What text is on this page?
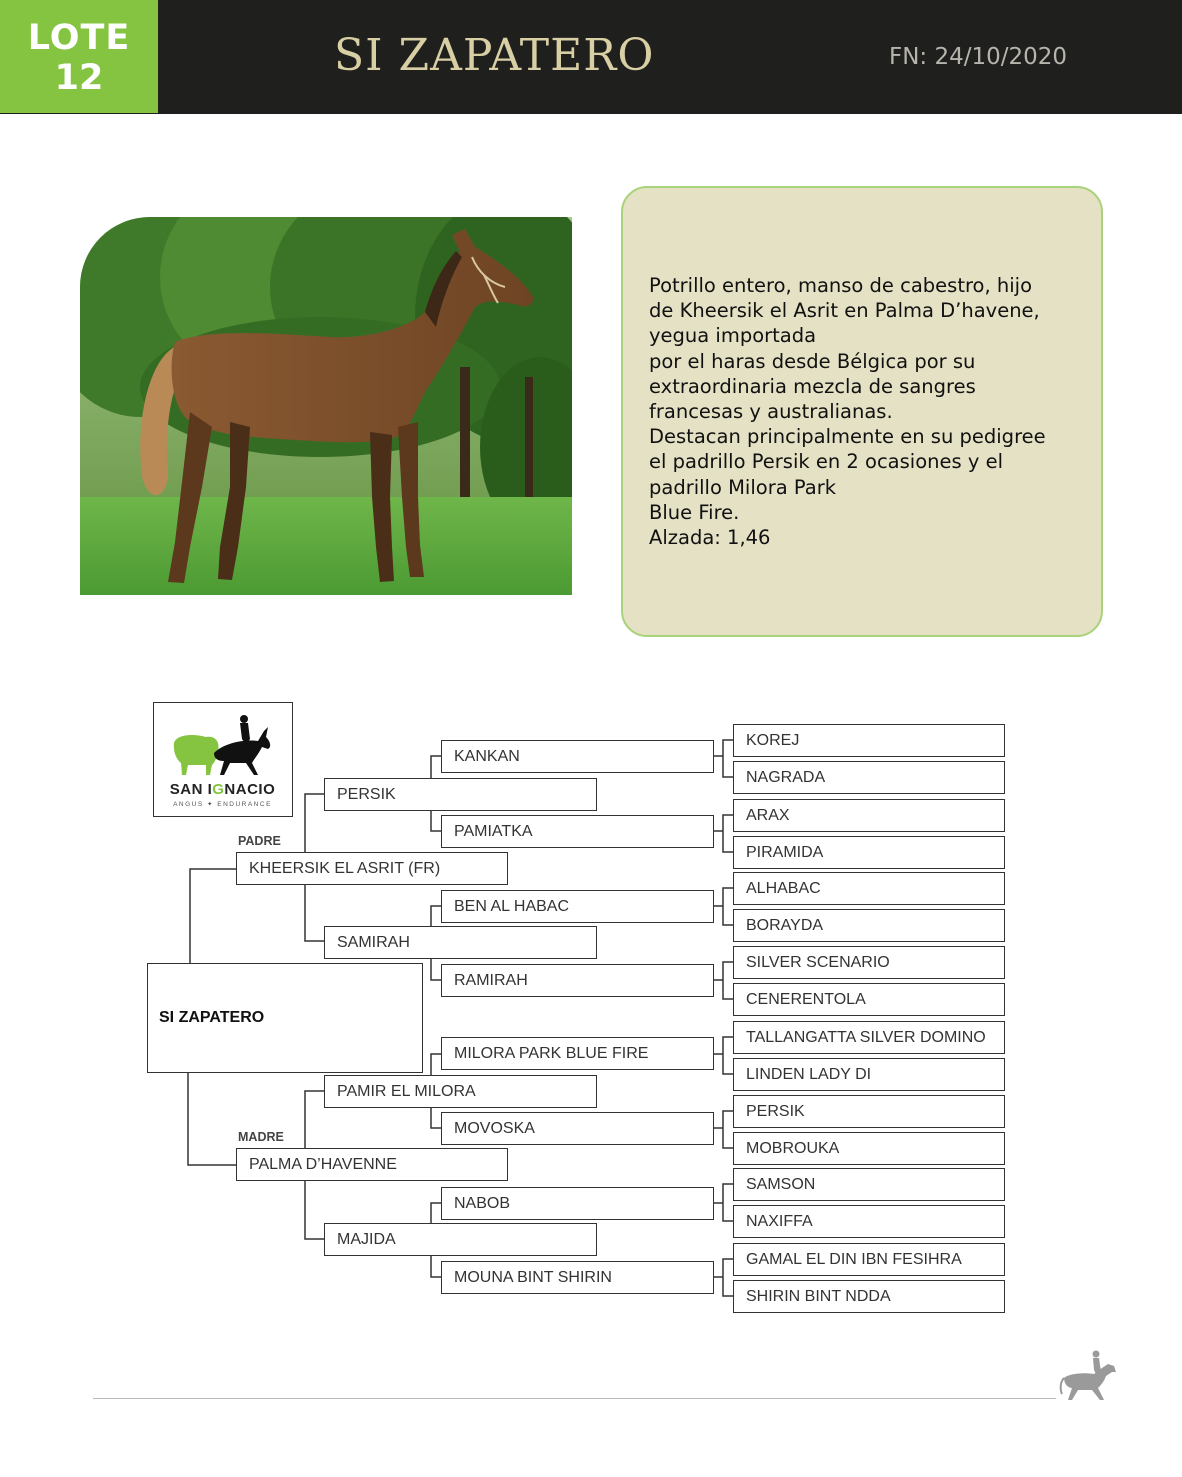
LOTE
12	SI ZAPATERO	FN: 24/10/2020
Potrillo entero, manso de cabestro, hijo
de Kheersik el Asrit en Palma D’havene,
yegua importada
por el haras desde Bélgica por su
extraordinaria mezcla de sangres
francesas y australianas.
Destacan principalmente en su pedigree
el padrillo Persik en 2 ocasiones y el
padrillo Milora Park
Blue Fire.
Alzada: 1,46
SAN IGNACIO
ANGUS ✦ ENDURANCE
PADRE
MADRE
SI ZAPATERO
KHEERSIK EL ASRIT (FR)
PALMA D’HAVENNE
PERSIK
SAMIRAH
PAMIR EL MILORA
MAJIDA
KANKAN
PAMIATKA
BEN AL HABAC
RAMIRAH
MILORA PARK BLUE FIRE
MOVOSKA
NABOB
MOUNA BINT SHIRIN
KOREJ
NAGRADA
ARAX
PIRAMIDA
ALHABAC
BORAYDA
SILVER SCENARIO
CENERENTOLA
TALLANGATTA SILVER DOMINO
LINDEN LADY DI
PERSIK
MOBROUKA
SAMSON
NAXIFFA
GAMAL EL DIN IBN FESIHRA
SHIRIN BINT NDDA
